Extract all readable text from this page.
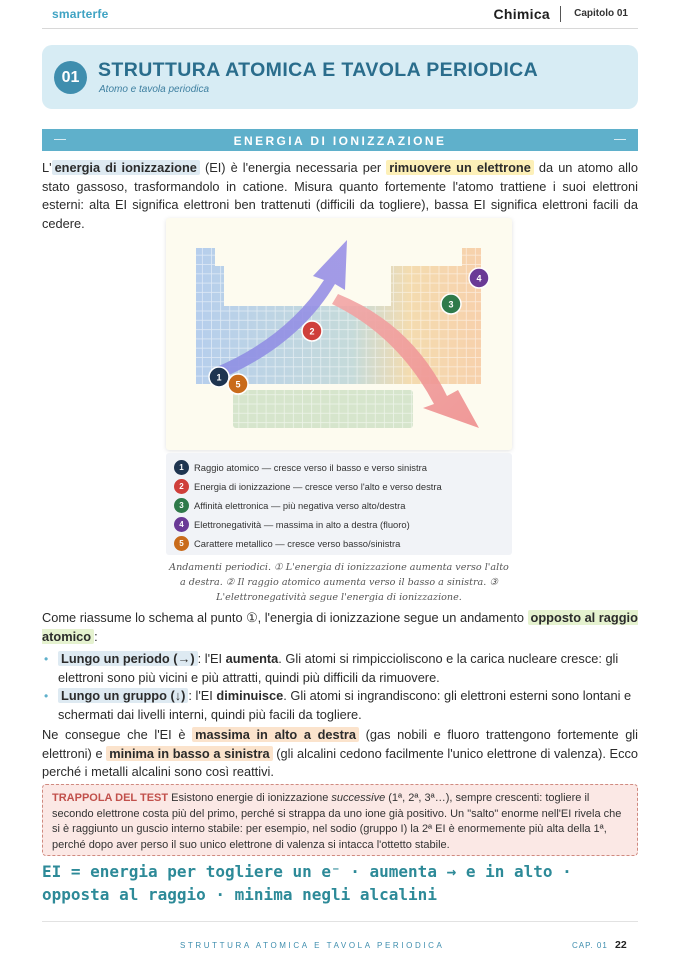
smarterfe	Chimica Capitolo 01
01 STRUTTURA ATOMICA E TAVOLA PERIODICA
Atomo e tavola periodica
ENERGIA DI IONIZZAZIONE

L' energia di ionizzazione (EI) è l'energia necessaria per rimuovere un elettrone da un atomo allo stato gassoso, trasformandolo in catione. Misura quanto fortemente l'atomo trattiene i suoi elettroni esterni: alta EI significa elettroni ben trattenuti (difficili da togliere), bassa EI significa elettroni facili da cedere.

1
2
3
4
5
1 Raggio atomico — cresce verso il basso e verso sinistra
2 Energia di ionizzazione — cresce verso l'alto e verso destra
3 Affinità elettronica — più negativa verso alto/destra
4 Elettronegatività — massima in alto a destra (fluoro)
5 Carattere metallico — cresce verso basso/sinistra
Andamenti periodici. ① L'energia di ionizzazione aumenta verso l'alto a destra. ② Il raggio atomico aumenta verso il basso a sinistra. ③ L'elettronegatività segue l'energia di ionizzazione.

Come riassume lo schema al punto ①, l'energia di ionizzazione segue un andamento opposto al raggio atomico :

• Lungo un periodo (→) : l'EI aumenta. Gli atomi si rimpiccioliscono e la carica nucleare cresce: gli elettroni sono più vicini e più attratti, quindi più difficili da rimuovere.
• Lungo un gruppo (↓) : l'EI diminuisce. Gli atomi si ingrandiscono: gli elettroni esterni sono lontani e schermati dai livelli interni, quindi più facili da togliere.

Ne consegue che l'EI è massima in alto a destra (gas nobili e fluoro trattengono fortemente gli elettroni) e minima in basso a sinistra (gli alcalini cedono facilmente l'unico elettrone di valenza). Ecco perché i metalli alcalini sono così reattivi.

TRAPPOLA DEL TEST Esistono energie di ionizzazione successive (1ª, 2ª, 3ª…), sempre crescenti: togliere il secondo elettrone costa più del primo, perché si strappa da uno ione già positivo. Un "salto" enorme nell'EI rivela che si è raggiunto un guscio interno stabile: per esempio, nel sodio (gruppo I) la 2ª EI è enormemente più alta della 1ª, perché dopo aver perso il suo unico elettrone di valenza si intacca l'ottetto stabile.
EI = energia per togliere un e⁻ · aumenta → e in alto · opposta al raggio · minima negli alcalini
STRUTTURA ATOMICA E TAVOLA PERIODICA	CAP. 01 22
